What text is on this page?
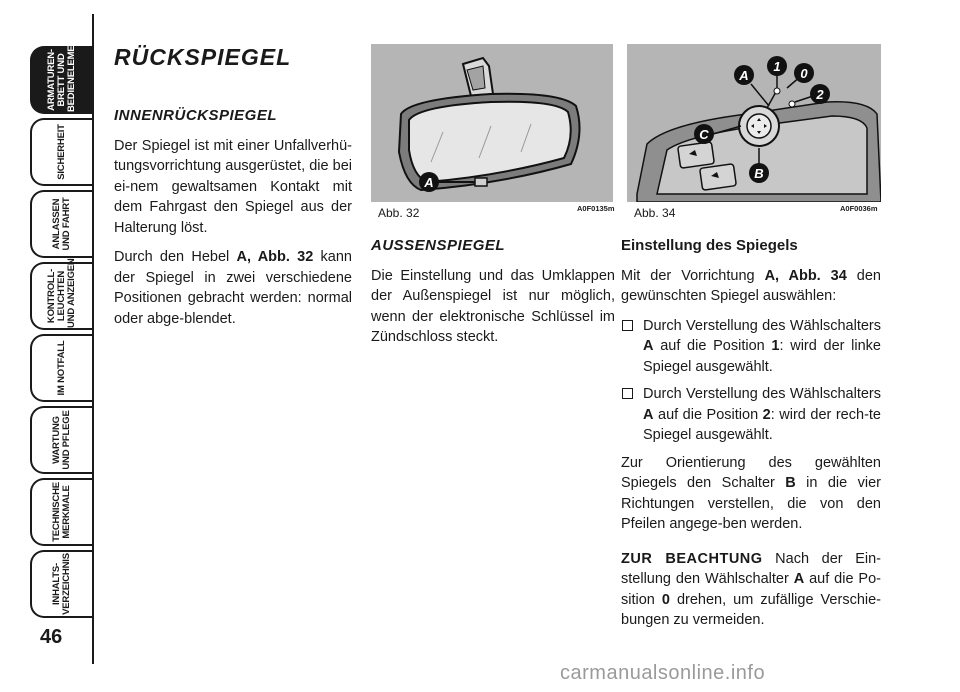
ARMATUREN-
BRETT UND
BEDIENELEMENTE
SICHERHEIT
ANLASSEN
UND FAHRT
KONTROLL-
LEUCHTEN
UND ANZEIGEN
IM NOTFALL
WARTUNG
UND PFLEGE
TECHNISCHE
MERKMALE
INHALTS-
VERZEICHNIS
46
RÜCKSPIEGEL
INNENRÜCKSPIEGEL

Der Spiegel ist mit einer Unfallverhü-tungsvorrichtung ausgerüstet, die bei ei-nem gewaltsamen Kontakt mit dem Fahrgast den Spiegel aus der Halterung löst.

Durch den Hebel A, Abb. 32 kann der Spiegel in zwei verschiedene Positionen gebracht werden: normal oder abge-blendet.

A
Abb. 32	A0F0135m
AUSSENSPIEGEL

Die Einstellung und das Umklappen der Außenspiegel ist nur möglich, wenn der elektronische Schlüssel im Zündschloss steckt.

A
1 0
2
C
B
Abb. 34	A0F0036m
Einstellung des Spiegels

Mit der Vorrichtung A, Abb. 34 den gewünschten Spiegel auswählen:

Durch Verstellung des Wählschalters A auf die Position 1: wird der linke Spiegel ausgewählt.
Durch Verstellung des Wählschalters A auf die Position 2: wird der rech-te Spiegel ausgewählt.

Zur Orientierung des gewählten Spiegels den Schalter B in die vier Richtungen verstellen, die von den Pfeilen angege-ben werden.

ZUR BEACHTUNG Nach der Ein-stellung den Wählschalter A auf die Po-sition 0 drehen, um zufällige Verschie-bungen zu vermeiden.

carmanualsonline.info
